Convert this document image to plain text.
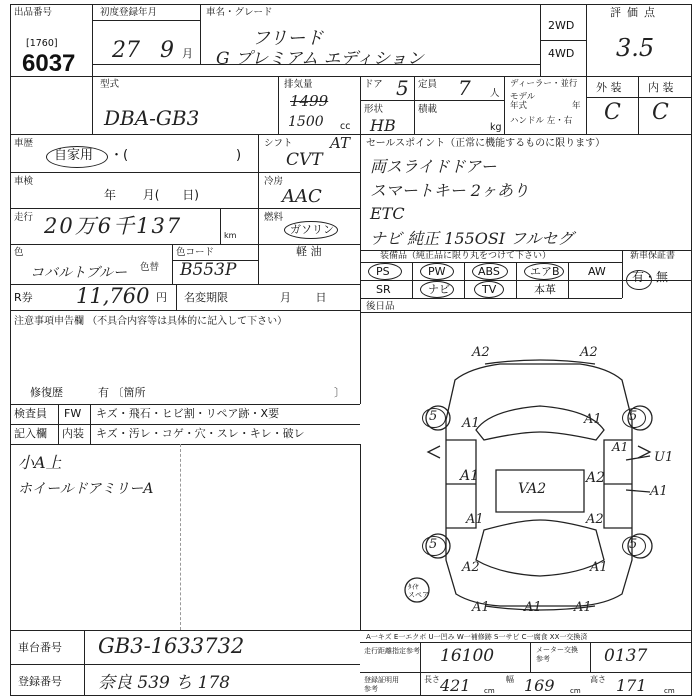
出品番号
[1760]
6037
初度登録年月
27 9 月
車名・グレード
フリード
G プレミアム エディション
2WD
4WD
評価点
3.5
型式
DBA-GB3
排気量
1499
1500 cc
ドア 5 定員 7 人
形状
HB
積載
kg
ディーラー・並行
モデル
年式	年
ハンドル 左・右
外 装 内 装
C C
車歴
自家用 ・(	)
車検
年       月(      日)
走行 20万6千137	km
色
コバルトブルー 色替
色コード
B553P
R券 11,760 円 名変期限	月       日
注意事項申告欄 （不具合内容等は具体的に記入して下さい）
修復歴	有 〔箇所	〕
シフト AT
CVT
冷房
AAC
燃料
ガソリン
軽 油
セールスポイント（正常に機能するものに限ります）
両スライドドアー
スマートキー 2ヶあり
ETC
ナビ 純正 155OSI フルセグ
装備品（純正品に限り丸をつけて下さい）
PS	PW	ABS	エアB	AW
SR	ナビ	TV	本革
新車保証書
有・無
後日品
検査員
記入欄
FW キズ・飛石・ヒビ割・リペア跡・X要
内装 キズ・汚レ・コゲ・穴・スレ・キレ・破レ
小A上
ホイールドアミリーA
A2	A2
A1	A1
A1
A1
A1
VA2
A2
U1
A1
A2
A2	A1
A1	A1 A1
5	5
5	5
ﾀｲﾔ
スペア
A一キズ E一エクボ U一凹み W一補修跡 S一サビ C一腐食 XX一交換済
車台番号 GB3-1633732
登録番号 奈良 539 ち 178
走行距離指定参考 16100	メーター交換
参考	0137
登録証明用
参考
長さ 421 cm
幅 169 cm
高さ 171 cm
